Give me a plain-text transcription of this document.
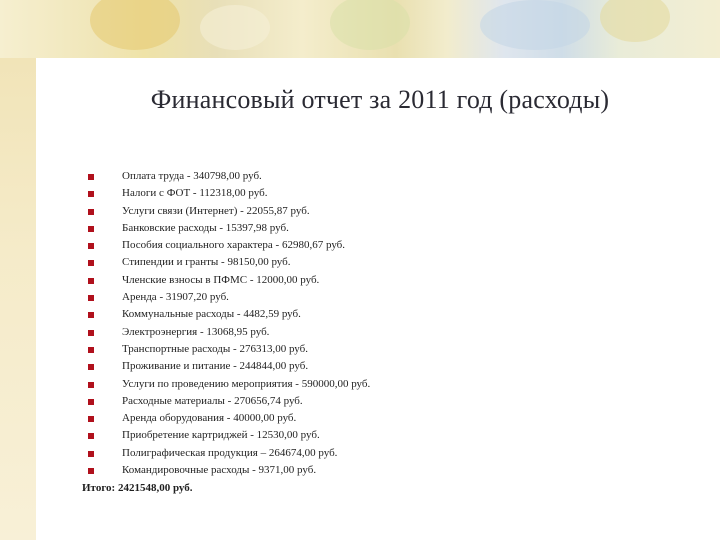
Финансовый отчет за 2011 год (расходы)
Оплата труда - 340798,00 руб.
Налоги с ФОТ - 112318,00 руб.
Услуги связи (Интернет) - 22055,87 руб.
Банковские расходы - 15397,98 руб.
Пособия социального характера - 62980,67 руб.
Стипендии и гранты - 98150,00 руб.
Членские взносы в ПФМС - 12000,00 руб.
Аренда - 31907,20 руб.
Коммунальные расходы - 4482,59 руб.
Электроэнергия - 13068,95 руб.
Транспортные расходы - 276313,00 руб.
Проживание и питание - 244844,00 руб.
Услуги по проведению мероприятия - 590000,00 руб.
Расходные материалы - 270656,74 руб.
Аренда оборудования - 40000,00 руб.
Приобретение картриджей - 12530,00 руб.
Полиграфическая продукция – 264674,00 руб.
Командировочные расходы - 9371,00 руб.
Итого: 2421548,00 руб.
